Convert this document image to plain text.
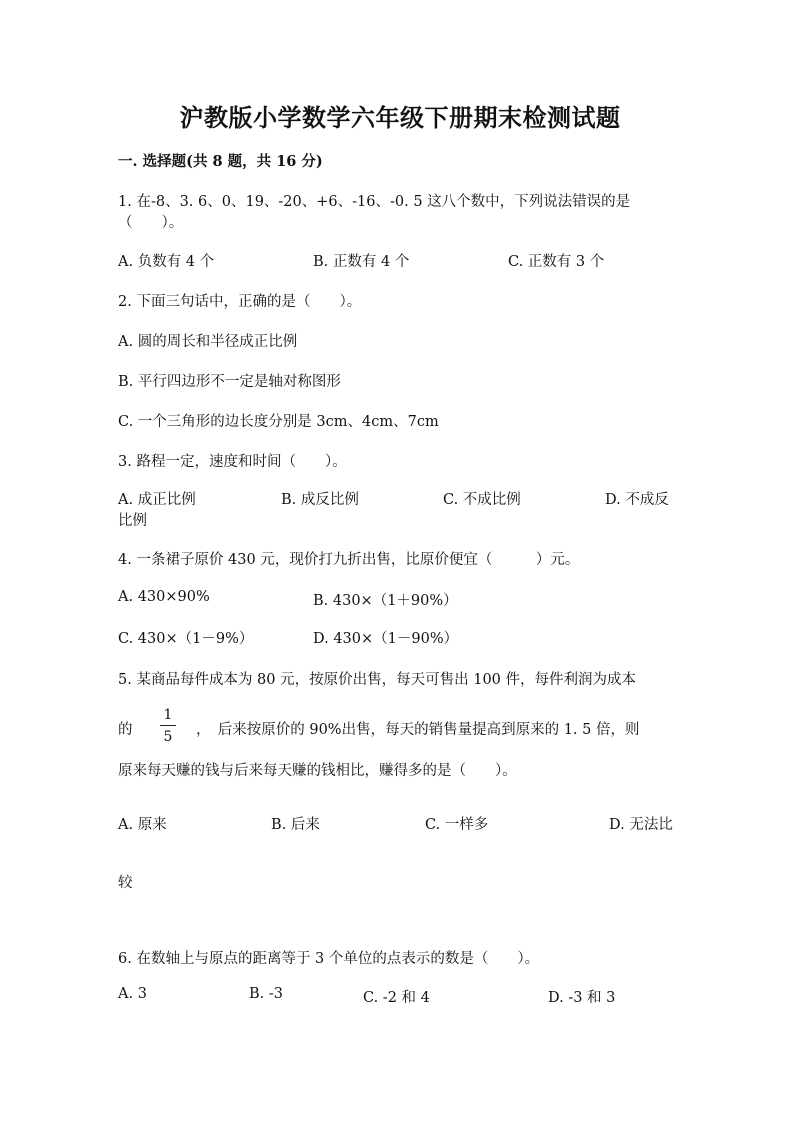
沪教版小学数学六年级下册期末检测试题
一. 选择题(共 8 题，共 16 分)
1. 在-8、3. 6、0、19、-20、+6、-16、-0. 5 这八个数中，下列说法错误的是
（　　）。
A. 负数有 4 个	B. 正数有 4 个	C. 正数有 3 个
2. 下面三句话中，正确的是（　　）。
A. 圆的周长和半径成正比例
B. 平行四边形不一定是轴对称图形
C. 一个三角形的边长度分别是 3cm、4cm、7cm
3. 路程一定，速度和时间（　　）。
A. 成正比例	B. 成反比例	C. 不成比例	D. 不成反
比例
4. 一条裙子原价 430 元，现价打九折出售，比原价便宜（　　　）元。
A. 430×90%	B. 430×（1＋90%）
C. 430×（1－9%）	D. 430×（1－90%）
5. 某商品每件成本为 80 元，按原价出售，每天可售出 100 件，每件利润为成本
的
1
5	，　后来按原价的 90%出售，每天的销售量提高到原来的 1. 5 倍，则
原来每天赚的钱与后来每天赚的钱相比，赚得多的是（　　）。
A. 原来	B. 后来	C. 一样多	D. 无法比
较
6. 在数轴上与原点的距离等于 3 个单位的点表示的数是（　　）。
A. 3	B. -3	C. -2 和 4	D. -3 和 3
